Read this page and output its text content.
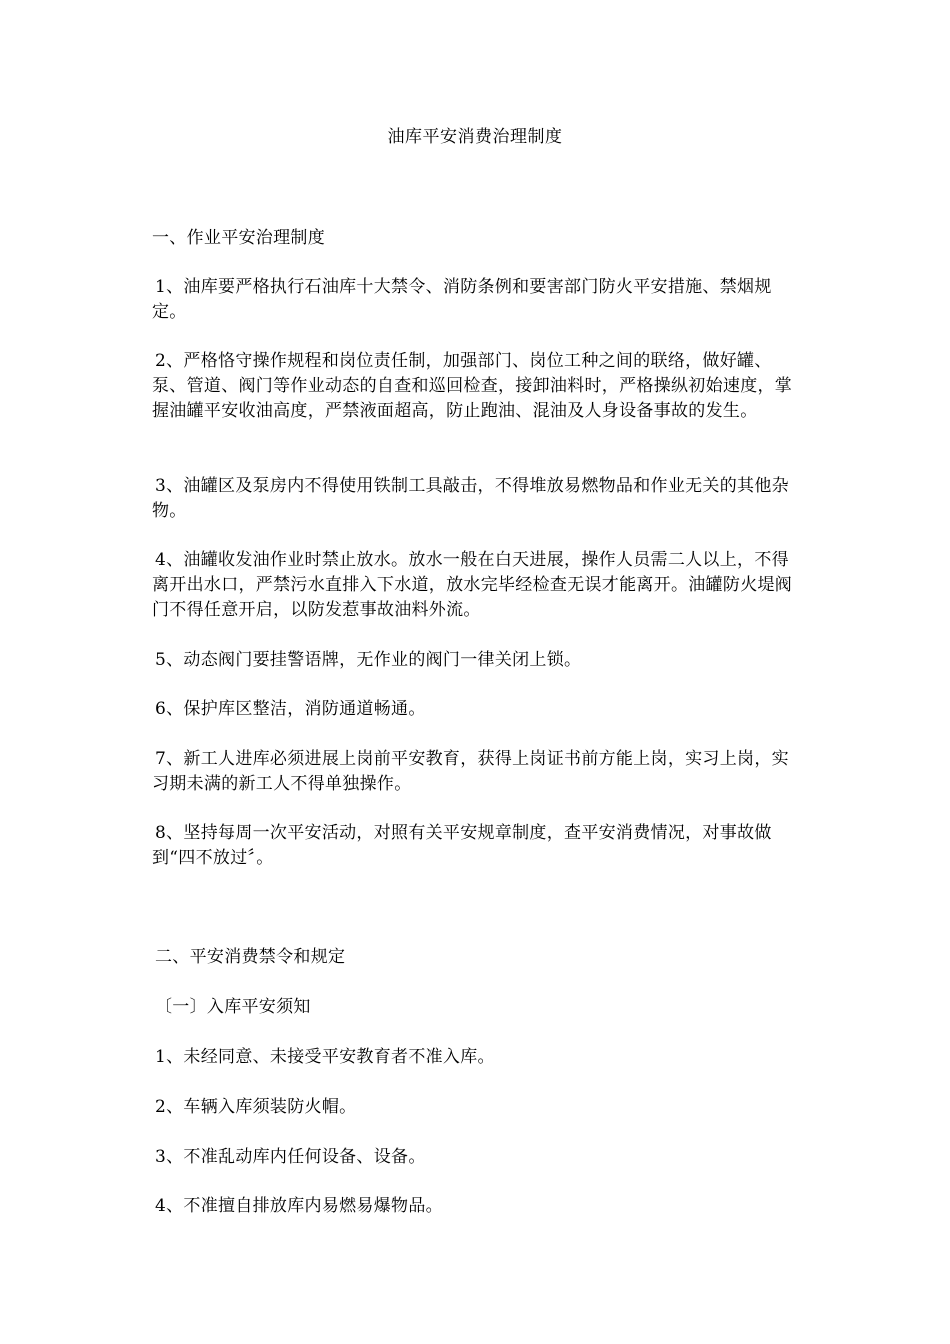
油库平安消费治理制度

一、作业平安治理制度

1、油库要严格执行石油库十大禁令、消防条例和要害部门防火平安措施、禁烟规定。

2、严格恪守操作规程和岗位责任制，加强部门、岗位工种之间的联络，做好罐、泵、管道、阀门等作业动态的自查和巡回检查，接卸油料时，严格操纵初始速度，掌握油罐平安收油高度，严禁液面超高，防止跑油、混油及人身设备事故的发生。

3、油罐区及泵房内不得使用铁制工具敲击，不得堆放易燃物品和作业无关的其他杂物。

4、油罐收发油作业时禁止放水。放水一般在白天进展，操作人员需二人以上，不得离开出水口，严禁污水直排入下水道，放水完毕经检查无误才能离开。油罐防火堤阀门不得任意开启，以防发惹事故油料外流。

5、动态阀门要挂警语牌，无作业的阀门一律关闭上锁。

6、保护库区整洁，消防通道畅通。

7、新工人进库必须进展上岗前平安教育，获得上岗证书前方能上岗，实习上岗，实习期未满的新工人不得单独操作。

8、坚持每周一次平安活动，对照有关平安规章制度，查平安消费情况，对事故做到“四不放过〞。

二、平安消费禁令和规定

〔一〕入库平安须知

1、未经同意、未接受平安教育者不准入库。

2、车辆入库须装防火帽。

3、不准乱动库内任何设备、设备。

4、不准擅自排放库内易燃易爆物品。
